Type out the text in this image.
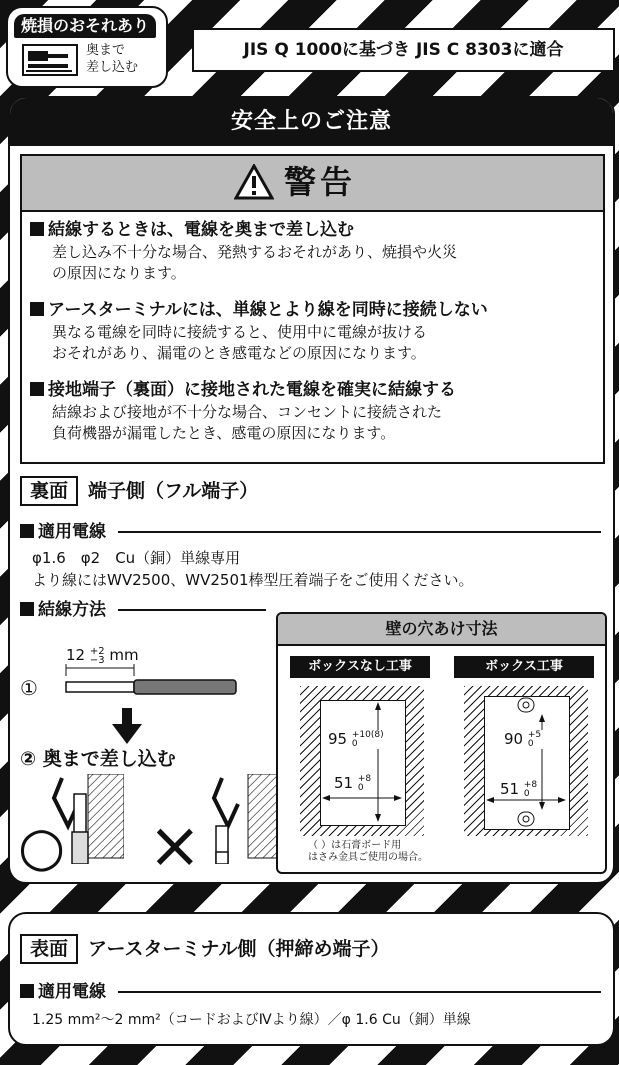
焼損のおそれあり
奥まで
差し込む
JIS Q 1000に基づき JIS C 8303に適合
安全上のご注意
警告
結線するときは、電線を奥まで差し込む
差し込み不十分な場合、発熱するおそれがあり、焼損や火災
の原因になります。
アースターミナルには、単線とより線を同時に接続しない
異なる電線を同時に接続すると、使用中に電線が抜ける
おそれがあり、漏電のとき感電などの原因になります。
接地端子（裏面）に接地された電線を確実に結線する
結線および接地が不十分な場合、コンセントに接続された
負荷機器が漏電したとき、感電の原因になります。
裏面 端子側（フル端子）
適用電線
φ1.6　φ2　Cu（銅）単線専用
より線にはWV2500、WV2501棒型圧着端子をご使用ください。
結線方法
12 +2
−3 mm
①
② 奥まで差し込む
○ ×
壁の穴あけ寸法
ボックスなし工事	ボックス工事
95 +10(8)
0
51 +8
0
90 +5
0
51 +8
0
（ ）は石膏ボード用
はさみ金具ご使用の場合。
表面 アースターミナル側（押締め端子）
適用電線
1.25 mm²〜2 mm²（コードおよびⅣより線）／φ 1.6 Cu（銅）単線
